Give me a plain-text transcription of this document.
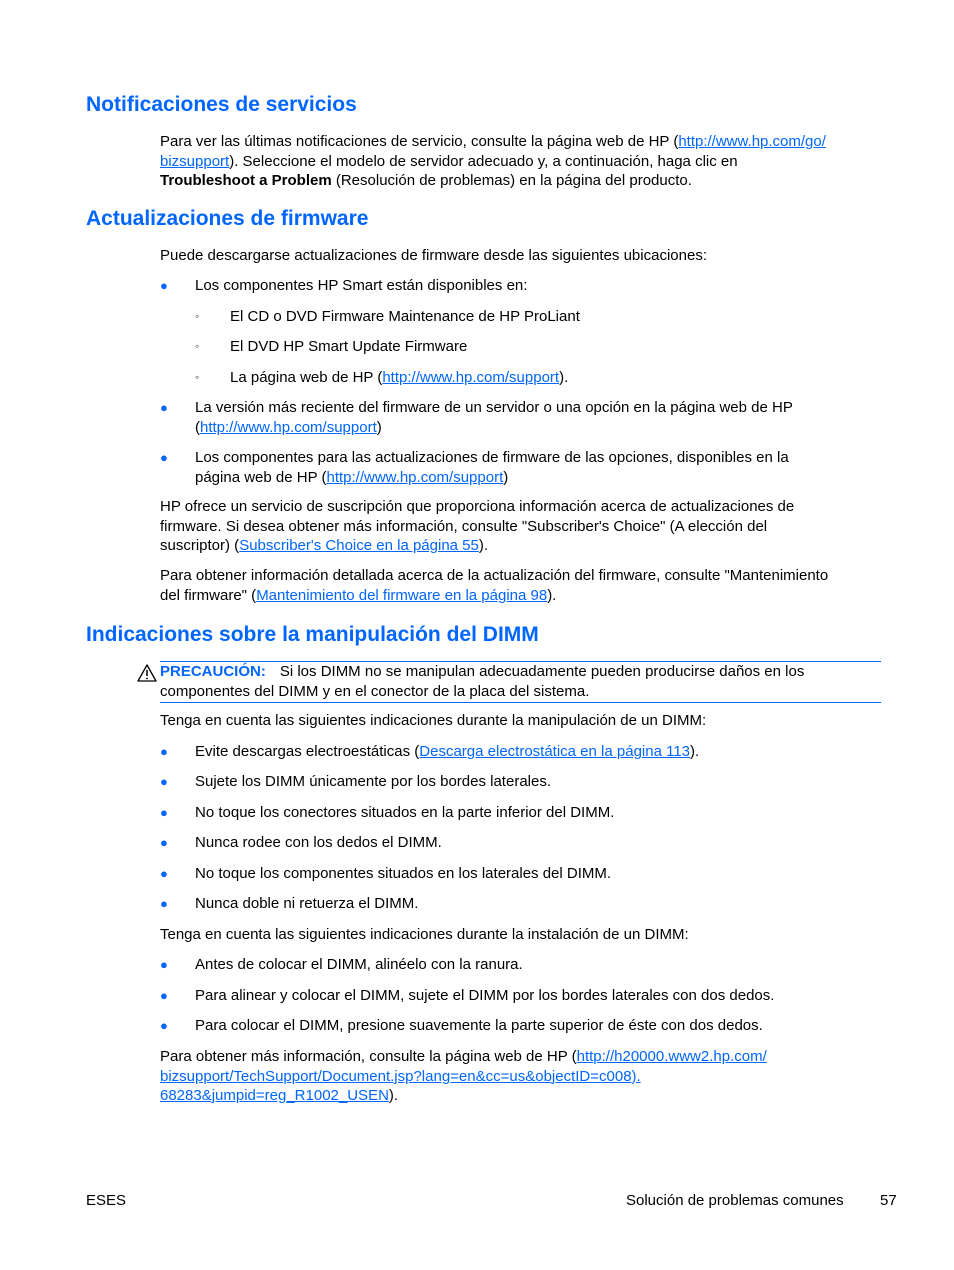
Notificaciones de servicios
Para ver las últimas notificaciones de servicio, consulte la página web de HP (http://www.hp.com/go/
bizsupport). Seleccione el modelo de servidor adecuado y, a continuación, haga clic en
Troubleshoot a Problem (Resolución de problemas) en la página del producto.
Actualizaciones de firmware
Puede descargarse actualizaciones de firmware desde las siguientes ubicaciones:
● Los componentes HP Smart están disponibles en:
◦ El CD o DVD Firmware Maintenance de HP ProLiant
◦ El DVD HP Smart Update Firmware
◦ La página web de HP (http://www.hp.com/support).
● La versión más reciente del firmware de un servidor o una opción en la página web de HP
(http://www.hp.com/support)
● Los componentes para las actualizaciones de firmware de las opciones, disponibles en la
página web de HP (http://www.hp.com/support)
HP ofrece un servicio de suscripción que proporciona información acerca de actualizaciones de
firmware. Si desea obtener más información, consulte "Subscriber's Choice" (A elección del
suscriptor) (Subscriber's Choice en la página 55).
Para obtener información detallada acerca de la actualización del firmware, consulte "Mantenimiento
del firmware" (Mantenimiento del firmware en la página 98).
Indicaciones sobre la manipulación del DIMM
PRECAUCIÓN: Si los DIMM no se manipulan adecuadamente pueden producirse daños en los
componentes del DIMM y en el conector de la placa del sistema.
Tenga en cuenta las siguientes indicaciones durante la manipulación de un DIMM:
● Evite descargas electroestáticas (Descarga electrostática en la página 113).
● Sujete los DIMM únicamente por los bordes laterales.
● No toque los conectores situados en la parte inferior del DIMM.
● Nunca rodee con los dedos el DIMM.
● No toque los componentes situados en los laterales del DIMM.
● Nunca doble ni retuerza el DIMM.
Tenga en cuenta las siguientes indicaciones durante la instalación de un DIMM:
● Antes de colocar el DIMM, alinéelo con la ranura.
● Para alinear y colocar el DIMM, sujete el DIMM por los bordes laterales con dos dedos.
● Para colocar el DIMM, presione suavemente la parte superior de éste con dos dedos.
Para obtener más información, consulte la página web de HP (http://h20000.www2.hp.com/
bizsupport/TechSupport/Document.jsp?lang=en&cc=us&objectID=c008).
68283&jumpid=reg_R1002_USEN).
ESES	Solución de problemas comunes 57
